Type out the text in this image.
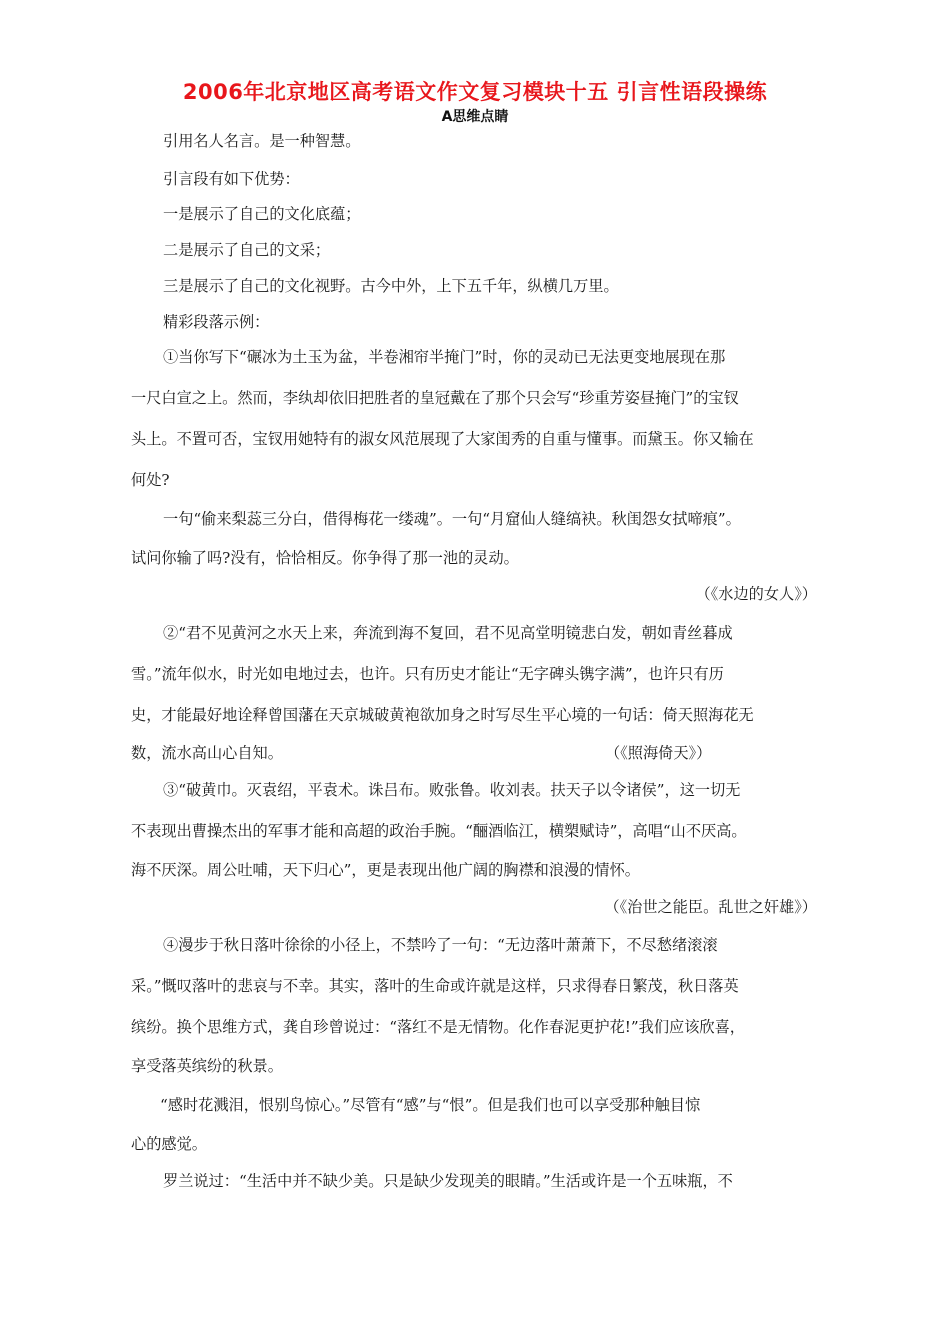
2006年北京地区高考语文作文复习模块十五 引言性语段操练
A思维点睛
引用名人名言。是一种智慧。
引言段有如下优势：
一是展示了自己的文化底蕴；
二是展示了自己的文采；
三是展示了自己的文化视野。古今中外，上下五千年，纵横几万里。
精彩段落示例：
①当你写下“碾冰为土玉为盆，半卷湘帘半掩门”时，你的灵动已无法更变地展现在那
一尺白宣之上。然而，李纨却依旧把胜者的皇冠戴在了那个只会写“珍重芳姿昼掩门”的宝钗
头上。不置可否，宝钗用她特有的淑女风范展现了大家闺秀的自重与懂事。而黛玉。你又输在
何处?
一句“偷来梨蕊三分白，借得梅花一缕魂”。一句“月窟仙人缝缟袂。秋闺怨女拭啼痕”。
试问你输了吗?没有，恰恰相反。你争得了那一池的灵动。
（《水边的女人》）
②“君不见黄河之水天上来，奔流到海不复回，君不见高堂明镜悲白发，朝如青丝暮成
雪。”流年似水，时光如电地过去，也许。只有历史才能让“无字碑头镌字满”，也许只有历
史，才能最好地诠释曾国藩在天京城破黄袍欲加身之时写尽生平心境的一句话：倚天照海花无
数，流水高山心自知。	（《照海倚天》）
③“破黄巾。灭袁绍，平袁术。诛吕布。败张鲁。收刘表。扶天子以令诸侯”，这一切无
不表现出曹操杰出的军事才能和高超的政治手腕。“酾酒临江，横槊赋诗”，高唱“山不厌高。
海不厌深。周公吐哺，天下归心”，更是表现出他广阔的胸襟和浪漫的情怀。
（《治世之能臣。乱世之奸雄》）
④漫步于秋日落叶徐徐的小径上，不禁吟了一句：“无边落叶萧萧下，不尽愁绪滚滚
采。”慨叹落叶的悲哀与不幸。其实，落叶的生命或许就是这样，只求得春日繁茂，秋日落英
缤纷。换个思维方式，龚自珍曾说过：“落红不是无情物。化作春泥更护花!”我们应该欣喜，
享受落英缤纷的秋景。
“感时花溅泪，恨别鸟惊心。”尽管有“感”与“恨”。但是我们也可以享受那种触目惊
心的感觉。
罗兰说过：“生活中并不缺少美。只是缺少发现美的眼睛。”生活或许是一个五味瓶，不
